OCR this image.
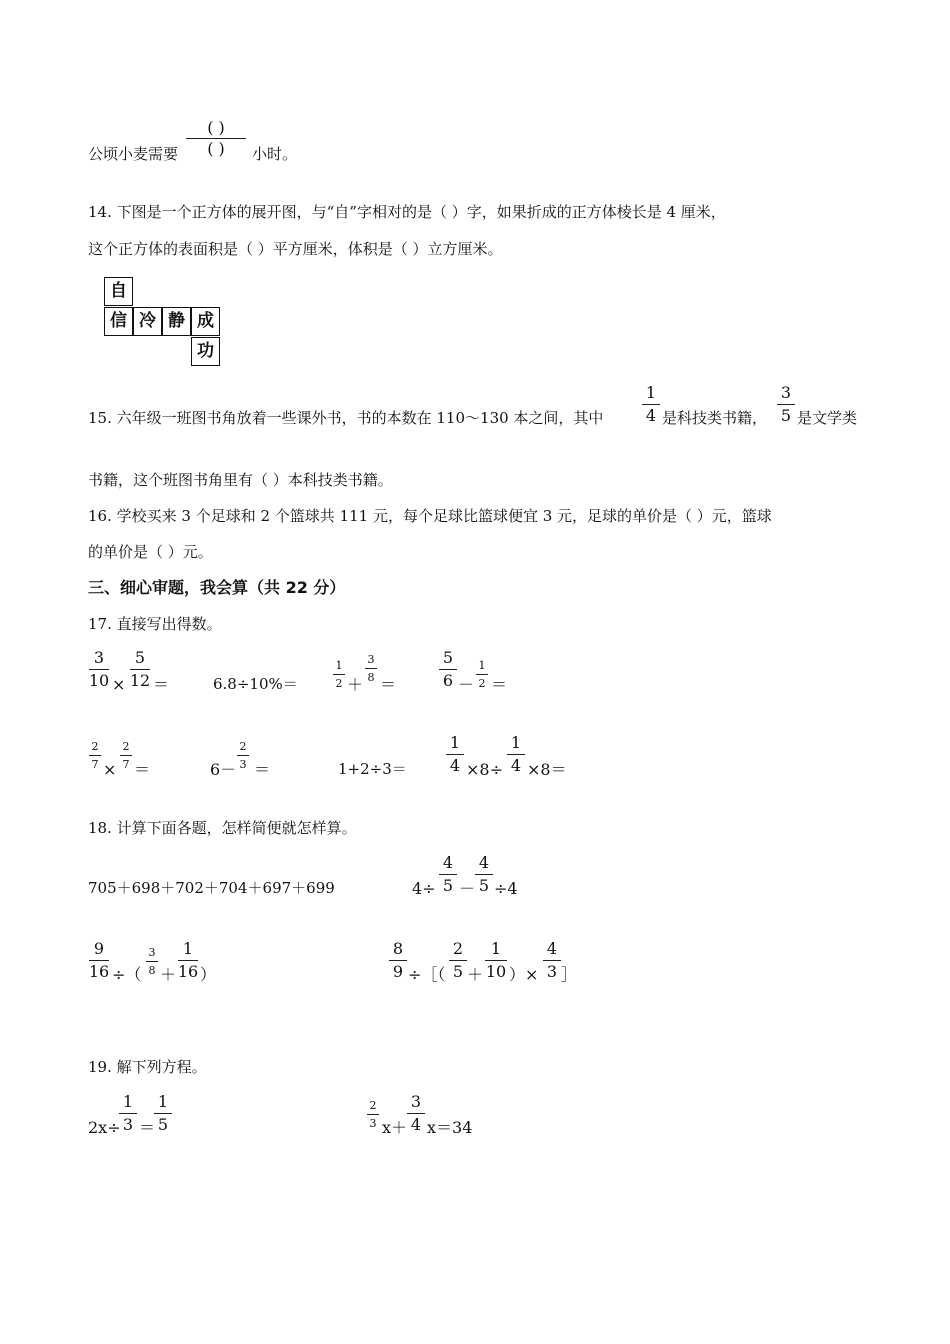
公顷小麦需要
( )
( )	小时。
14. 下图是一个正方体的展开图，与“自”字相对的是（ ）字，如果折成的正方体棱长是 4 厘米，
这个正方体的表面积是（ ）平方厘米，体积是（ ）立方厘米。
自
信 冷 静 成
功
15. 六年级一班图书角放着一些课外书，书的本数在 110～130 本之间，其中
1
4 是科技类书籍，
3
5 是文学类
书籍，这个班图书角里有（ ）本科技类书籍。
16. 学校买来 3 个足球和 2 个篮球共 111 元，每个足球比篮球便宜 3 元，足球的单价是（ ）元，篮球
的单价是（ ）元。
三、细心审题，我会算（共 22 分）
17. 直接写出得数。
3
10 ×
5
12 ＝	6.8÷10%＝
1
2 ＋
3
8 ＝
5
6 －
1
2 ＝
2
7 ×
2
7 ＝	6－
2
3 ＝	1+2÷3＝
1
4 ×8÷
1
4 ×8＝
18. 计算下面各题，怎样简便就怎样算。
705＋698＋702＋704＋697＋699	4÷
4
5 －
4
5 ÷4
9
16 ÷（
3
8 ＋
1
16 ）
8
9 ÷［（
2
5 ＋
1
10 ）×
4
3 ］
19. 解下列方程。
2x÷
1
3 ＝
1
5
2
3 x＋
3
4 x＝34
